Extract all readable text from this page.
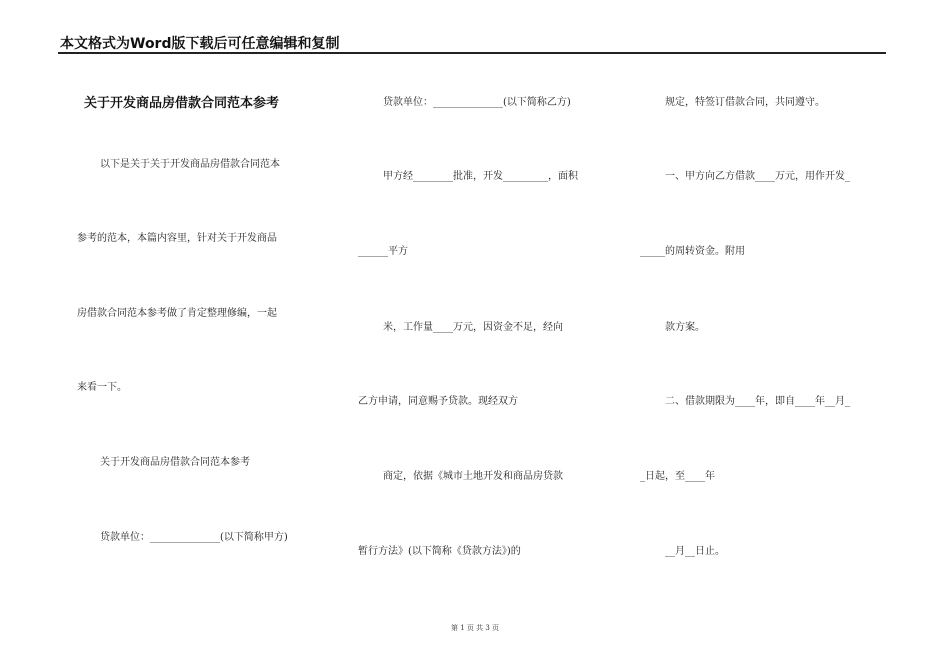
本文格式为Word版下载后可任意编辑和复制
关于开发商品房借款合同范本参考
以下是关于关于开发商品房借款合同范本
参考的范本，本篇内容里，针对关于开发商品
房借款合同范本参考做了肯定整理修编，一起
来看一下。
关于开发商品房借款合同范本参考
贷款单位：______________(以下简称甲方)
贷款单位：______________(以下简称乙方)
甲方经________批准，开发_________，面积
______平方
米，工作量____万元，因资金不足，经向
乙方申请，同意赐予贷款。现经双方
商定，依据《城市土地开发和商品房贷款
暂行方法》(以下简称《贷款方法》)的
规定，特签订借款合同，共同遵守。
一、甲方向乙方借款____万元，用作开发_
_____的周转资金。附用
款方案。
二、借款期限为____年，即自____年__月_
_日起，至____年
__月__日止。
第 1 页 共 3 页
